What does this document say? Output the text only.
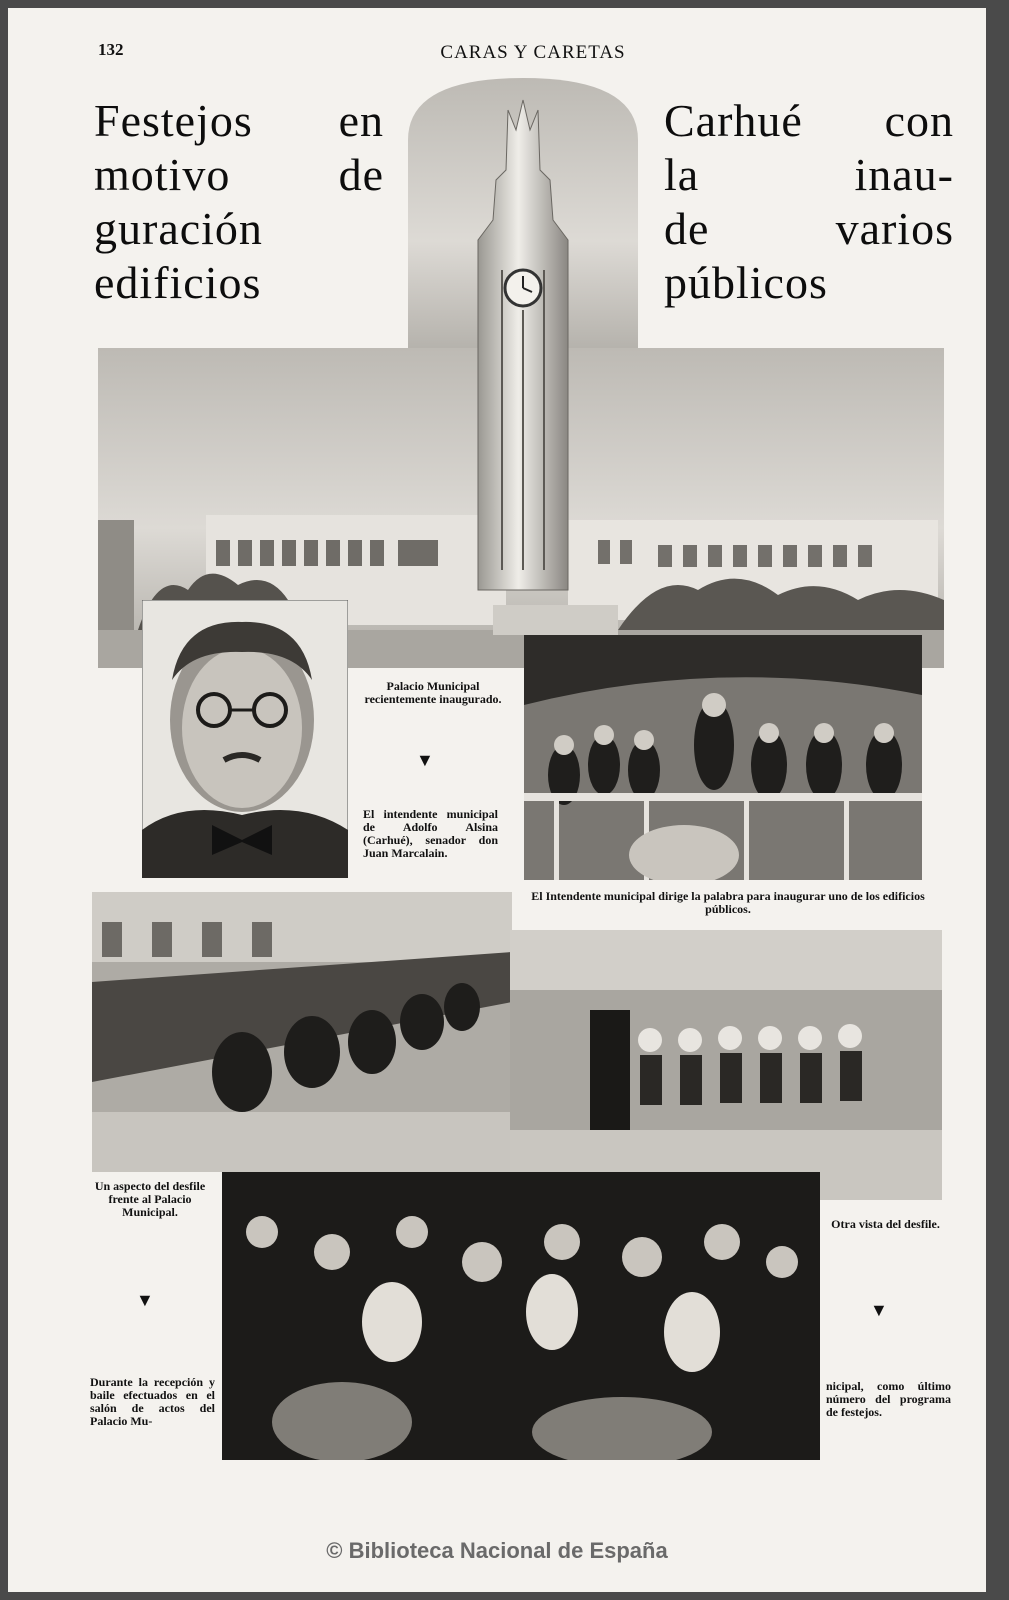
132	CARAS Y CARETAS
Festejos en
motivo de
guración
edificios
Carhué con
la inau-
de varios
públicos
Palacio Municipal recientemente inaugurado.
▼
El intendente municipal de Adolfo Alsina (Carhué), senador don Juan Marcalain.
El Intendente municipal dirige la palabra para inaugurar uno de los edificios públicos.
Un aspecto del desfile frente al Palacio Municipal.
▼
Otra vista del desfile.
▼
Durante la recepción y baile efectuados en el salón de actos del Palacio Mu-
nicipal, como último número del programa de festejos.
© Biblioteca Nacional de España
